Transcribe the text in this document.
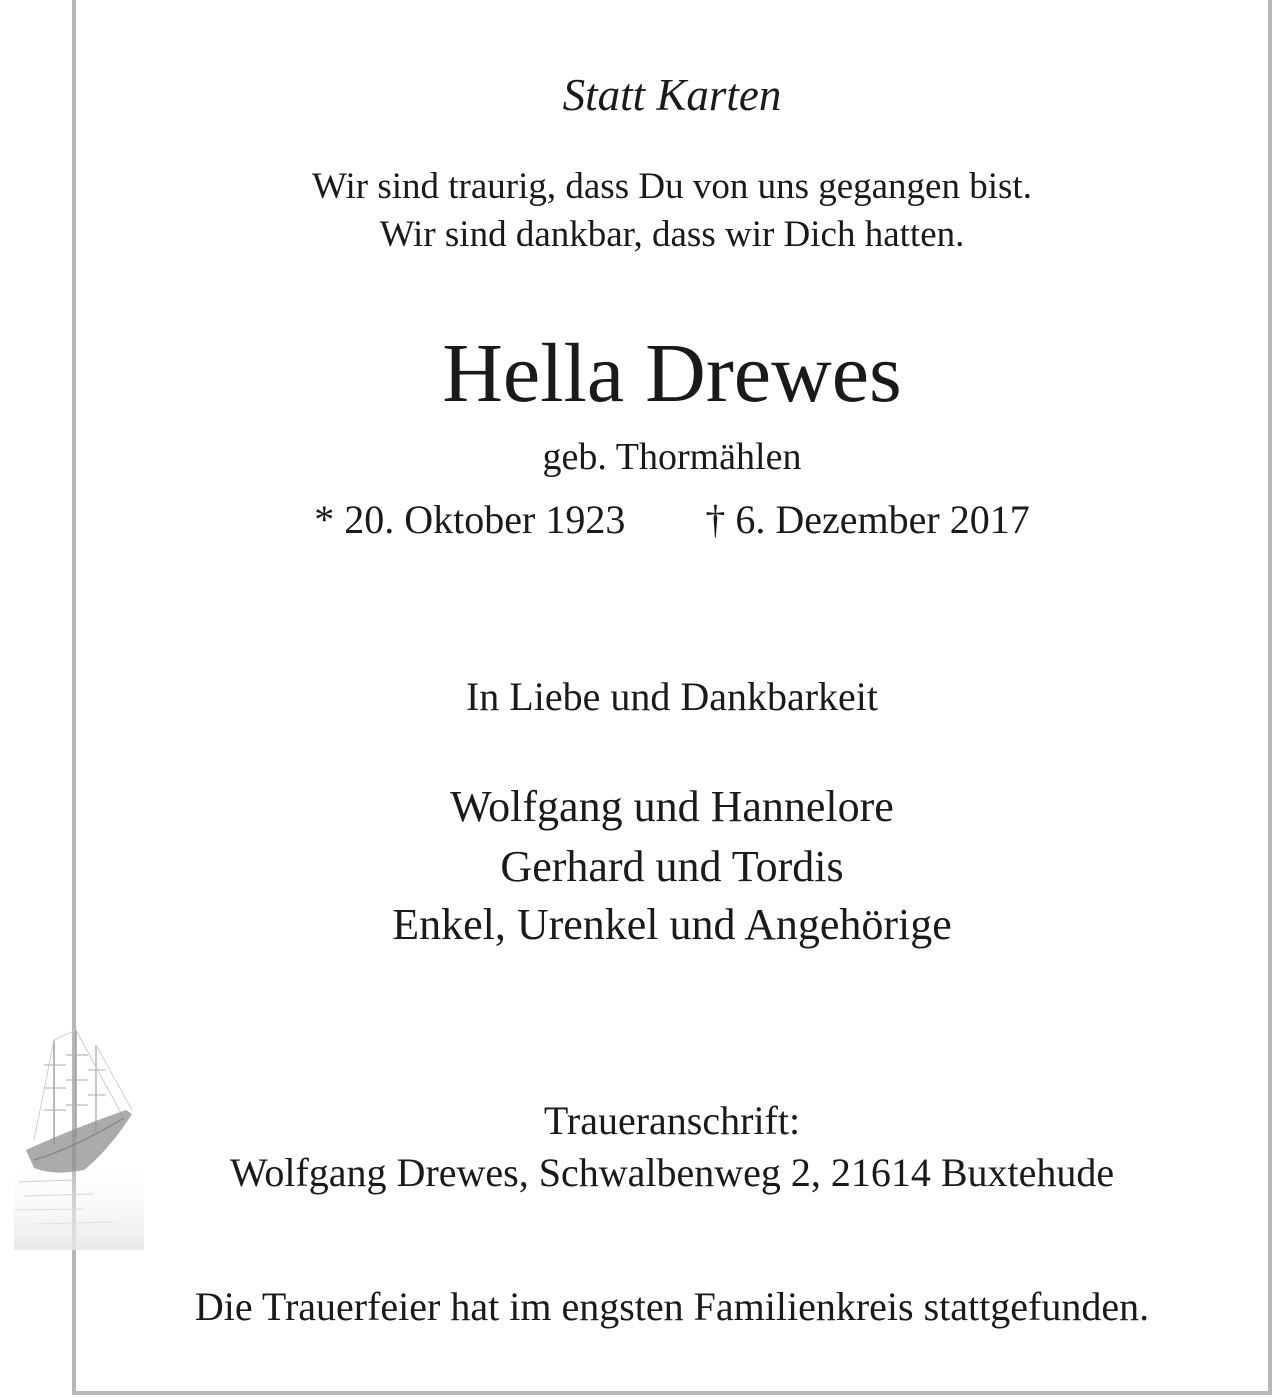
Statt Karten
Wir sind traurig, dass Du von uns gegangen bist.
Wir sind dankbar, dass wir Dich hatten.
Hella Drewes
geb. Thormählen
* 20. Oktober 1923 † 6. Dezember 2017
In Liebe und Dankbarkeit
Wolfgang und Hannelore
Gerhard und Tordis
Enkel, Urenkel und Angehörige
Traueranschrift:
Wolfgang Drewes, Schwalbenweg 2, 21614 Buxtehude
Die Trauerfeier hat im engsten Familienkreis stattgefunden.
